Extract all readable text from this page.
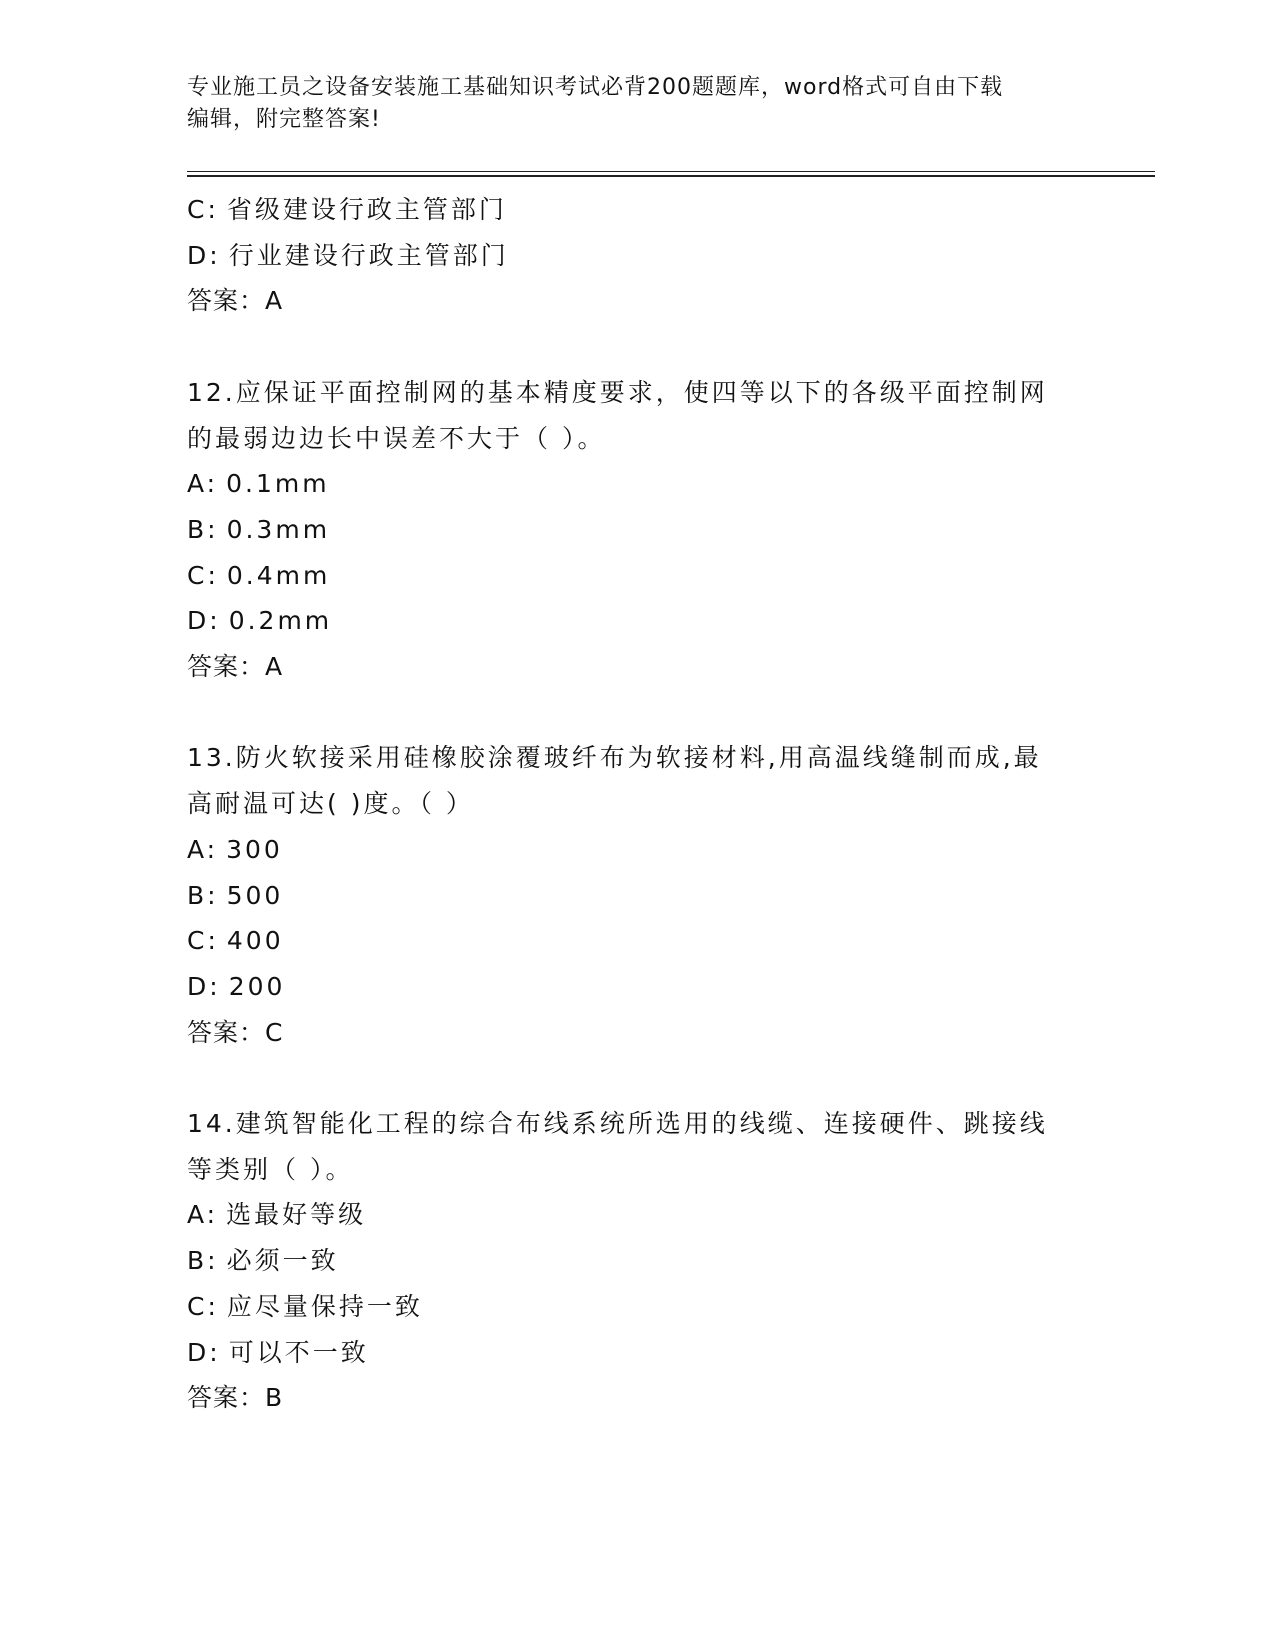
专业施工员之设备安装施工基础知识考试必背200题题库，word格式可自由下载
编辑，附完整答案!
C: 省级建设行政主管部门
D: 行业建设行政主管部门
答案：A
12.应保证平面控制网的基本精度要求，使四等以下的各级平面控制网
的最弱边边长中误差不大于（ ）。
A: 0.1mm
B: 0.3mm
C: 0.4mm
D: 0.2mm
答案：A
13.防火软接采用硅橡胶涂覆玻纤布为软接材料,用高温线缝制而成,最
高耐温可达( )度。（ ）
A: 300
B: 500
C: 400
D: 200
答案：C
14.建筑智能化工程的综合布线系统所选用的线缆、连接硬件、跳接线
等类别（ ）。
A: 选最好等级
B: 必须一致
C: 应尽量保持一致
D: 可以不一致
答案：B
